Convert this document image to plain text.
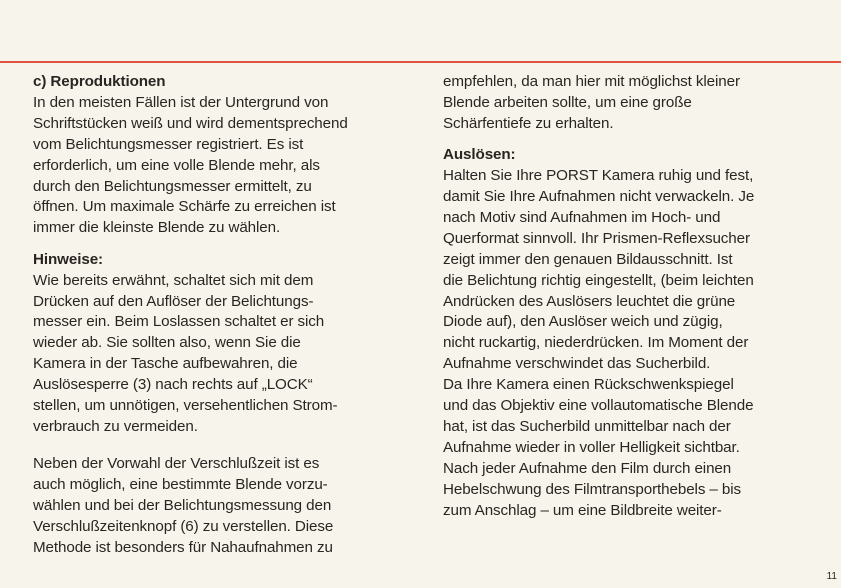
c) Reproduktionen
In den meisten Fällen ist der Untergrund von
Schriftstücken weiß und wird dementsprechend
vom Belichtungsmesser registriert. Es ist
erforderlich, um eine volle Blende mehr, als
durch den Belichtungsmesser ermittelt, zu
öffnen. Um maximale Schärfe zu erreichen ist
immer die kleinste Blende zu wählen.
Hinweise:
Wie bereits erwähnt, schaltet sich mit dem
Drücken auf den Auflöser der Belichtungs-
messer ein. Beim Loslassen schaltet er sich
wieder ab. Sie sollten also, wenn Sie die
Kamera in der Tasche aufbewahren, die
Auslösesperre (3) nach rechts auf „LOCK“
stellen, um unnötigen, versehentlichen Strom-
verbrauch zu vermeiden.
Neben der Vorwahl der Verschlußzeit ist es
auch möglich, eine bestimmte Blende vorzu-
wählen und bei der Belichtungsmessung den
Verschlußzeitenknopf (6) zu verstellen. Diese
Methode ist besonders für Nahaufnahmen zu
empfehlen, da man hier mit möglichst kleiner
Blende arbeiten sollte, um eine große
Schärfentiefe zu erhalten.
Auslösen:
Halten Sie Ihre PORST Kamera ruhig und fest,
damit Sie Ihre Aufnahmen nicht verwackeln. Je
nach Motiv sind Aufnahmen im Hoch- und
Querformat sinnvoll. Ihr Prismen-Reflexsucher
zeigt immer den genauen Bildausschnitt. Ist
die Belichtung richtig eingestellt, (beim leichten
Andrücken des Auslösers leuchtet die grüne
Diode auf), den Auslöser weich und zügig,
nicht ruckartig, niederdrücken. Im Moment der
Aufnahme verschwindet das Sucherbild.
Da Ihre Kamera einen Rückschwenkspiegel
und das Objektiv eine vollautomatische Blende
hat, ist das Sucherbild unmittelbar nach der
Aufnahme wieder in voller Helligkeit sichtbar.
Nach jeder Aufnahme den Film durch einen
Hebelschwung des Filmtransporthebels – bis
zum Anschlag – um eine Bildbreite weiter-
11
